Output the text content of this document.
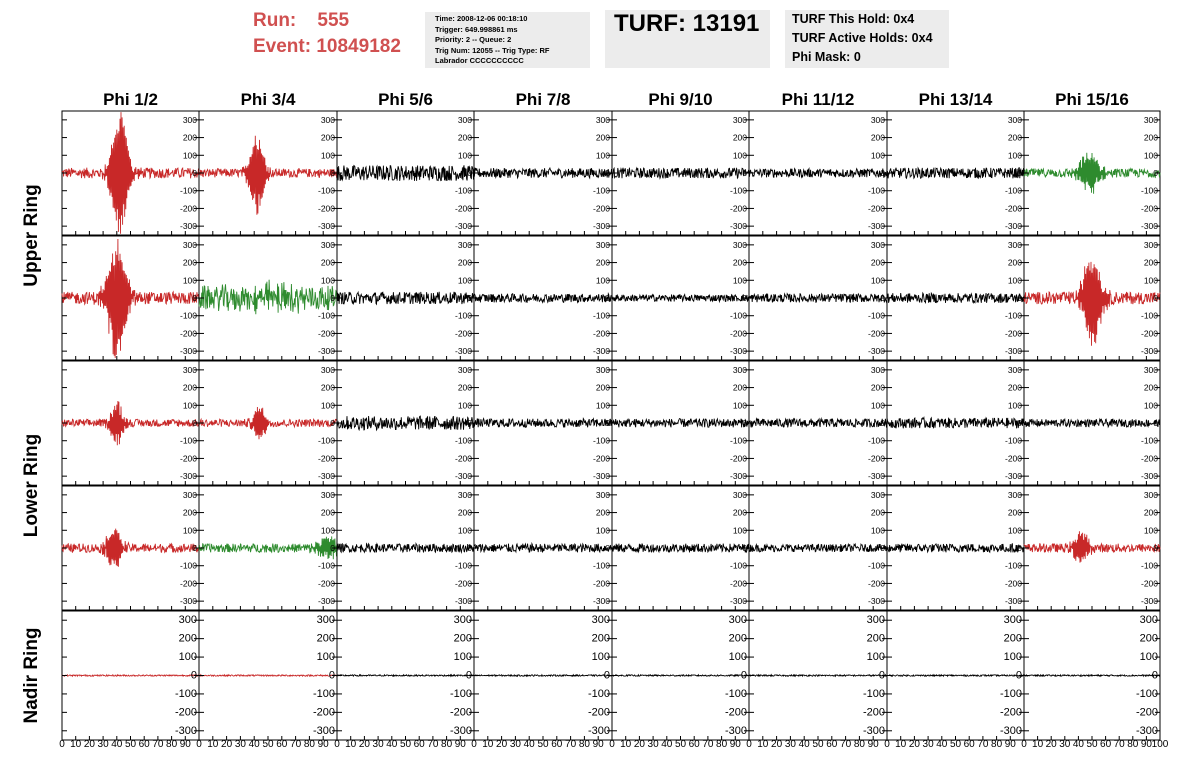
Run: 555
Event: 10849182
Time: 2008-12-06 00:18:10
Trigger: 649.998861 ms
Priority: 2 -- Queue: 2
Trig Num: 12055 -- Trig Type: RF
Labrador CCCCCCCCCC
TURF: 13191	TURF This Hold: 0x4
TURF Active Holds: 0x4
Phi Mask: 0
Phi 1/2	Phi 3/4	Phi 5/6	Phi 7/8	Phi 9/10	Phi 11/12	Phi 13/14	Phi 15/16
Upper Ring
Lower Ring
Nadir Ring
300
200
100
0
-100
-200
-300
300
200
100
0
-100
-200
-300
300
200
100
0
-100
-200
-300
300
200
100
0
-100
-200
-300
300
200
100
0
-100
-200
-300
300
200
100
0
-100
-200
-300
300
200
100
0
-100
-200
-300
300
200
100
0
-100
-200
-300
300
200
100
0
-100
-200
-300
300
200
100
0
-100
-200
-300
300
200
100
0
-100
-200
-300
300
200
100
0
-100
-200
-300
300
200
100
0
-100
-200
-300
300
200
100
0
-100
-200
-300
300
200
100
0
-100
-200
-300
300
200
100
0
-100
-200
-300
300
200
100
0
-100
-200
-300
300
200
100
0
-100
-200
-300
300
200
100
0
-100
-200
-300
300
200
100
0
-100
-200
-300
300
200
100
0
-100
-200
-300
300
200
100
0
-100
-200
-300
300
200
100
0
-100
-200
-300
300
200
100
0
-100
-200
-300
300
200
100
0
-100
-200
-300
300
200
100
0
-100
-200
-300
300
200
100
0
-100
-200
-300
300
200
100
0
-100
-200
-300
300
200
100
0
-100
-200
-300
300
200
100
0
-100
-200
-300
300
200
100
0
-100
-200
-300
300
200
100
0
-100
-200
-300
300
200
100
0
-100
-200
-300
0 10 20 30 40 50 60 70 80 90
300
200
100
0
-100
-200
-300
0 10 20 30 40 50 60 70 80 90
300
200
100
0
-100
-200
-300
0 10 20 30 40 50 60 70 80 90
300
200
100
0
-100
-200
-300
0 10 20 30 40 50 60 70 80 90
300
200
100
0
-100
-200
-300
0 10 20 30 40 50 60 70 80 90
300
200
100
0
-100
-200
-300
0 10 20 30 40 50 60 70 80 90
300
200
100
0
-100
-200
-300
0 10 20 30 40 50 60 70 80 90
300
200
100
0
-100
-200
-300
0 10 20 30 40 50 60 70 80 90 100
